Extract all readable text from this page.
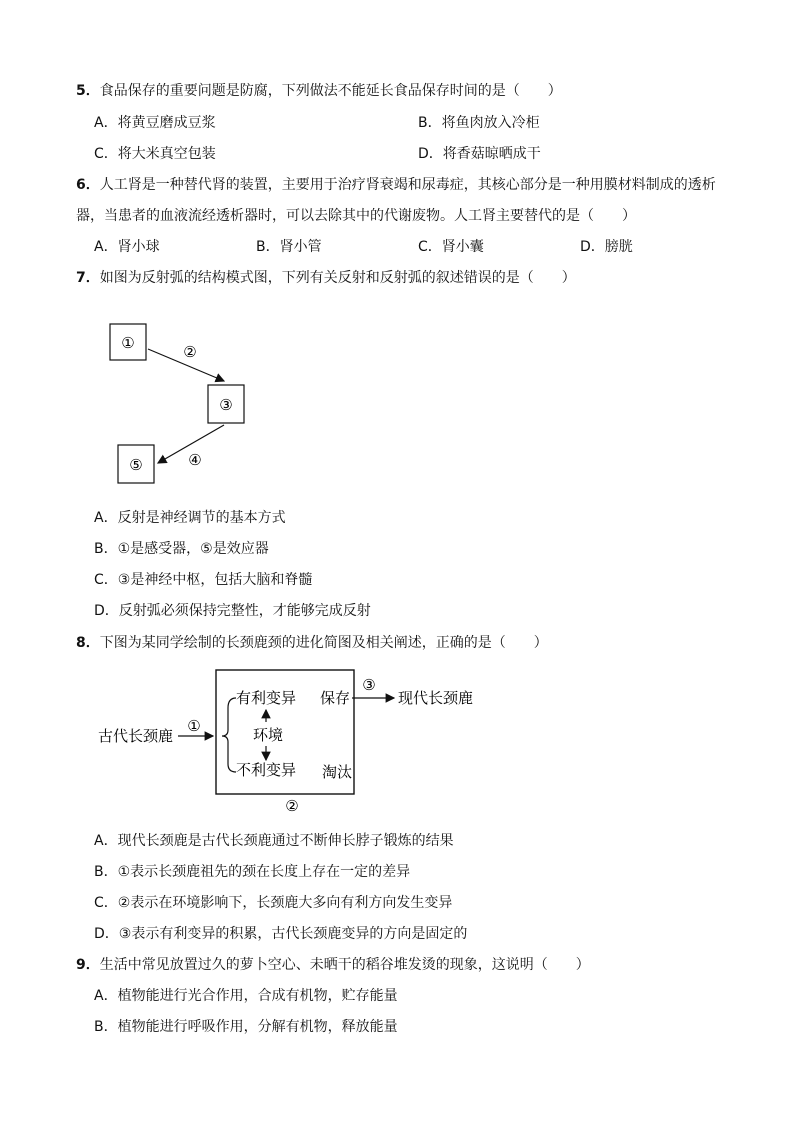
5．食品保存的重要问题是防腐，下列做法不能延长食品保存时间的是（　　）
A．将黄豆磨成豆浆	B．将鱼肉放入冷柜
C．将大米真空包装	D．将香菇晾晒成干
6．人工肾是一种替代肾的装置，主要用于治疗肾衰竭和尿毒症，其核心部分是一种用膜材料制成的透析
器，当患者的血液流经透析器时，可以去除其中的代谢废物。人工肾主要替代的是（　　）
A．肾小球	B．肾小管	C．肾小囊	D．膀胱
7．如图为反射弧的结构模式图，下列有关反射和反射弧的叙述错误的是（　　）
①	②
③
④
⑤
A．反射是神经调节的基本方式
B．①是感受器，⑤是效应器
C．③是神经中枢，包括大脑和脊髓
D．反射弧必须保持完整性，才能够完成反射
8．下图为某同学绘制的长颈鹿颈的进化简图及相关阐述，正确的是（　　）
古代长颈鹿
①
有利变异 保存
环境
不利变异 淘汰
②
③
现代长颈鹿
A．现代长颈鹿是古代长颈鹿通过不断伸长脖子锻炼的结果
B．①表示长颈鹿祖先的颈在长度上存在一定的差异
C．②表示在环境影响下，长颈鹿大多向有利方向发生变异
D．③表示有利变异的积累，古代长颈鹿变异的方向是固定的
9．生活中常见放置过久的萝卜空心、未晒干的稻谷堆发烫的现象，这说明（　　）
A．植物能进行光合作用，合成有机物，贮存能量
B．植物能进行呼吸作用，分解有机物，释放能量
